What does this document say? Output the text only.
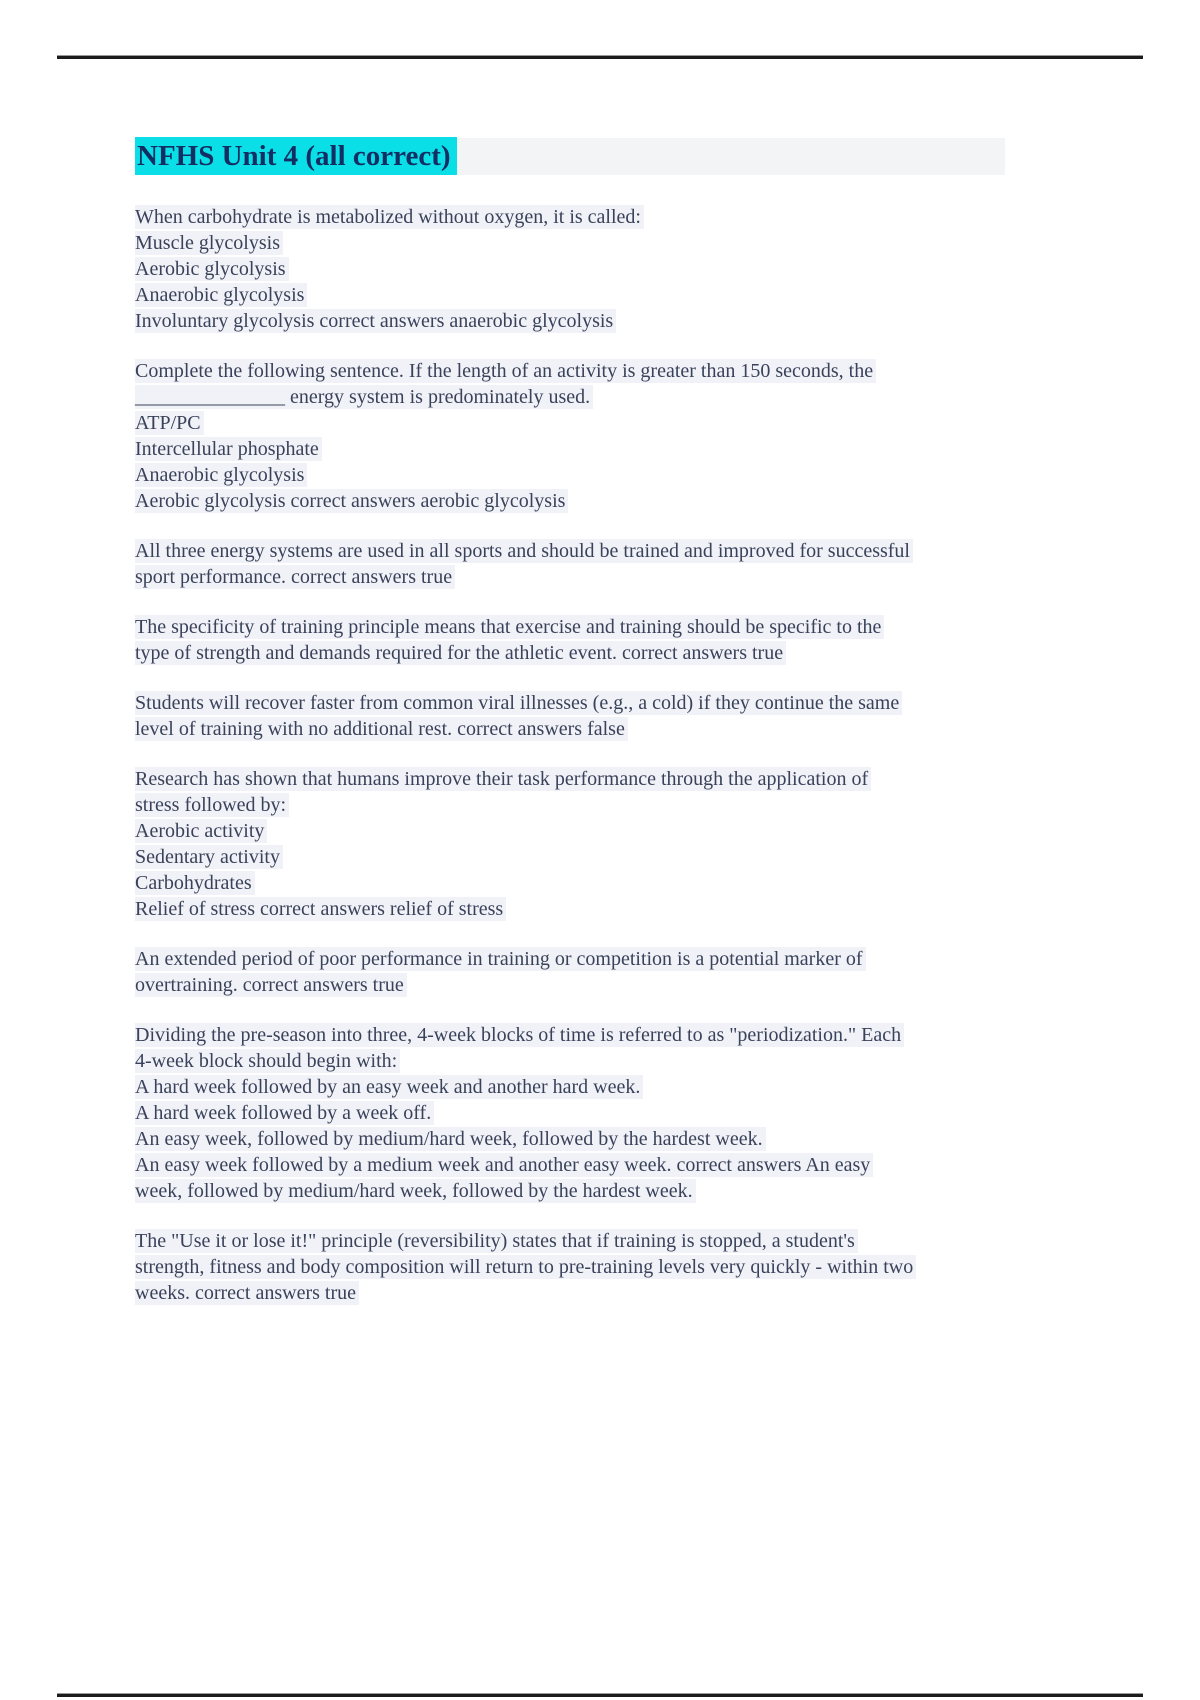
NFHS Unit 4 (all correct)
When carbohydrate is metabolized without oxygen, it is called:
Muscle glycolysis
Aerobic glycolysis
Anaerobic glycolysis
Involuntary glycolysis correct answers anaerobic glycolysis
Complete the following sentence. If the length of an activity is greater than 150 seconds, the
_______________ energy system is predominately used.
ATP/PC
Intercellular phosphate
Anaerobic glycolysis
Aerobic glycolysis correct answers aerobic glycolysis
All three energy systems are used in all sports and should be trained and improved for successful
sport performance. correct answers true
The specificity of training principle means that exercise and training should be specific to the
type of strength and demands required for the athletic event. correct answers true
Students will recover faster from common viral illnesses (e.g., a cold) if they continue the same
level of training with no additional rest. correct answers false
Research has shown that humans improve their task performance through the application of
stress followed by:
Aerobic activity
Sedentary activity
Carbohydrates
Relief of stress correct answers relief of stress
An extended period of poor performance in training or competition is a potential marker of
overtraining. correct answers true
Dividing the pre-season into three, 4-week blocks of time is referred to as "periodization." Each
4-week block should begin with:
A hard week followed by an easy week and another hard week.
A hard week followed by a week off.
An easy week, followed by medium/hard week, followed by the hardest week.
An easy week followed by a medium week and another easy week. correct answers An easy
week, followed by medium/hard week, followed by the hardest week.
The "Use it or lose it!" principle (reversibility) states that if training is stopped, a student's
strength, fitness and body composition will return to pre-training levels very quickly - within two
weeks. correct answers true
